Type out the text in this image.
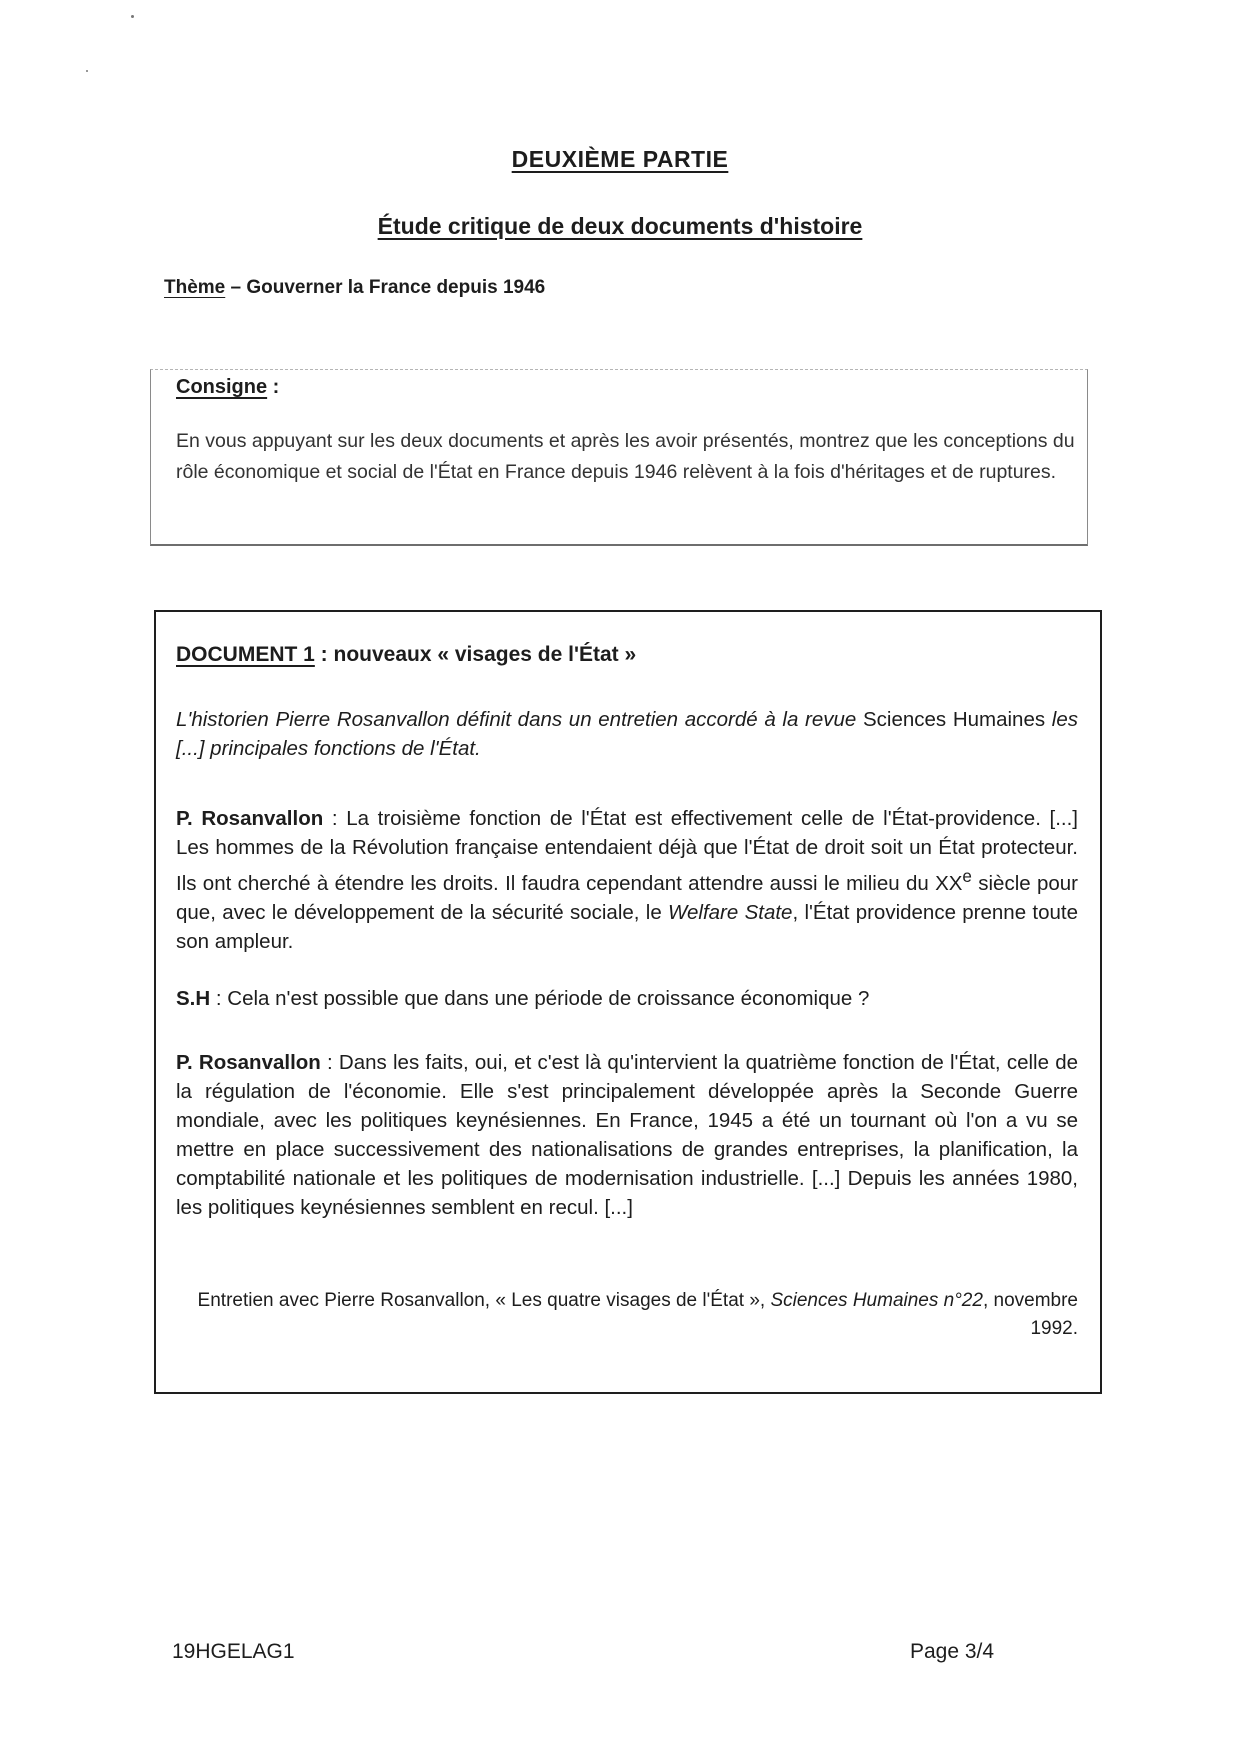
DEUXIÈME PARTIE
Étude critique de deux documents d'histoire
Thème – Gouverner la France depuis 1946
Consigne :
En vous appuyant sur les deux documents et après les avoir présentés, montrez que les conceptions du rôle économique et social de l'État en France depuis 1946 relèvent à la fois d'héritages et de ruptures.
DOCUMENT 1 : nouveaux « visages de l'État »
L'historien Pierre Rosanvallon définit dans un entretien accordé à la revue Sciences Humaines les [...] principales fonctions de l'État.
P. Rosanvallon : La troisième fonction de l'État est effectivement celle de l'État-providence. [...] Les hommes de la Révolution française entendaient déjà que l'État de droit soit un État protecteur. Ils ont cherché à étendre les droits. Il faudra cependant attendre aussi le milieu du XXe siècle pour que, avec le développement de la sécurité sociale, le Welfare State, l'État providence prenne toute son ampleur.
S.H : Cela n'est possible que dans une période de croissance économique ?
P. Rosanvallon : Dans les faits, oui, et c'est là qu'intervient la quatrième fonction de l'État, celle de la régulation de l'économie. Elle s'est principalement développée après la Seconde Guerre mondiale, avec les politiques keynésiennes. En France, 1945 a été un tournant où l'on a vu se mettre en place successivement des nationalisations de grandes entreprises, la planification, la comptabilité nationale et les politiques de modernisation industrielle. [...] Depuis les années 1980, les politiques keynésiennes semblent en recul. [...]
Entretien avec Pierre Rosanvallon, « Les quatre visages de l'État », Sciences Humaines n°22, novembre 1992.
19HGELAG1	Page 3/4
